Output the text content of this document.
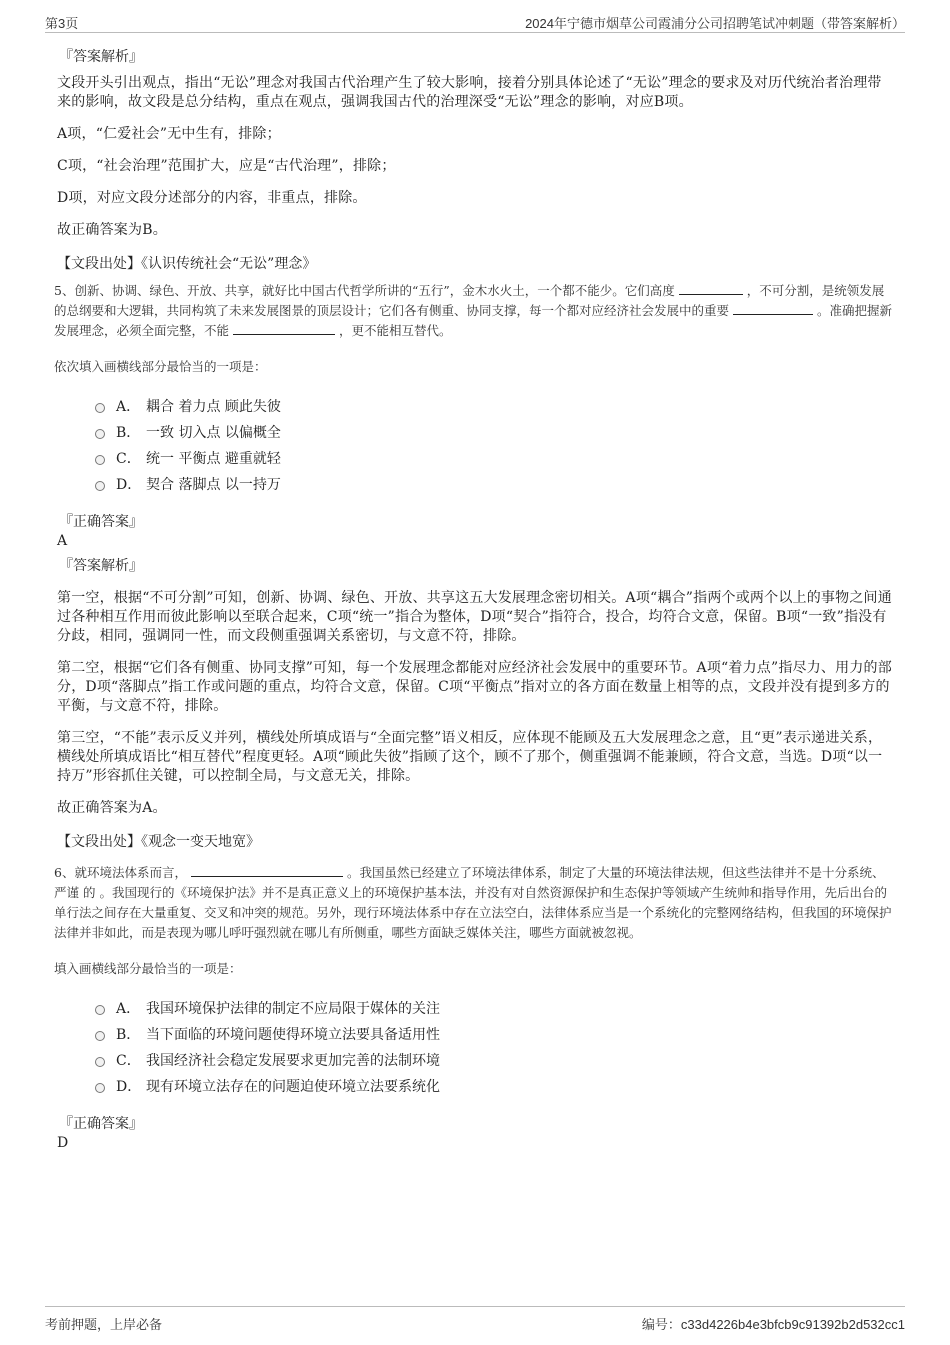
第3页	2024年宁德市烟草公司霞浦分公司招聘笔试冲刺题（带答案解析）
『答案解析』

文段开头引出观点，指出“无讼”理念对我国古代治理产生了较大影响，接着分别具体论述了“无讼”理念的要求及对历代统治者治理带来的影响，故文段是总分结构，重点在观点，强调我国古代的治理深受“无讼”理念的影响，对应B项。

A项，“仁爱社会”无中生有，排除；

C项，“社会治理”范围扩大，应是“古代治理”，排除；

D项，对应文段分述部分的内容，非重点，排除。

故正确答案为B。

【文段出处】《认识传统社会“无讼”理念》
5、创新、协调、绿色、开放、共享，就好比中国古代哲学所讲的“五行”，金木水火土，一个都不能少。它们高度	，不可分割，是统领发展的总纲要和大逻辑，共同构筑了未来发展图景的顶层设计；它们各有侧重、协同支撑，每一个都对应经济社会发展中的重要	。准确把握新发展理念，必须全面完整，不能	，更不能相互替代。
依次填入画横线部分最恰当的一项是：
A． 耦合 着力点 顾此失彼
B． 一致 切入点 以偏概全
C． 统一 平衡点 避重就轻
D． 契合 落脚点 以一持万
『正确答案』
A
『答案解析』

第一空，根据“不可分割”可知，创新、协调、绿色、开放、共享这五大发展理念密切相关。A项“耦合”指两个或两个以上的事物之间通过各种相互作用而彼此影响以至联合起来，C项“统一”指合为整体，D项“契合”指符合，投合，均符合文意，保留。B项“一致”指没有分歧，相同，强调同一性，而文段侧重强调关系密切，与文意不符，排除。

第二空，根据“它们各有侧重、协同支撑”可知，每一个发展理念都能对应经济社会发展中的重要环节。A项“着力点”指尽力、用力的部分，D项“落脚点”指工作或问题的重点，均符合文意，保留。C项“平衡点”指对立的各方面在数量上相等的点，文段并没有提到多方的平衡，与文意不符，排除。

第三空，“不能”表示反义并列，横线处所填成语与“全面完整”语义相反，应体现不能顾及五大发展理念之意，且“更”表示递进关系，横线处所填成语比“相互替代”程度更轻。A项“顾此失彼”指顾了这个，顾不了那个，侧重强调不能兼顾，符合文意，当选。D项“以一持万”形容抓住关键，可以控制全局，与文意无关，排除。

故正确答案为A。

【文段出处】《观念一变天地宽》
6、就环境法体系而言，	。我国虽然已经建立了环境法律体系，制定了大量的环境法律法规，但这些法律并不是十分系统、严谨 的 。我国现行的《环境保护法》并不是真正意义上的环境保护基本法，并没有对自然资源保护和生态保护等领域产生统帅和指导作用，先后出台的单行法之间存在大量重复、交叉和冲突的规范。另外，现行环境法体系中存在立法空白，法律体系应当是一个系统化的完整网络结构，但我国的环境保护法律并非如此，而是表现为哪儿呼吁强烈就在哪儿有所侧重，哪些方面缺乏媒体关注，哪些方面就被忽视。
填入画横线部分最恰当的一项是：
A． 我国环境保护法律的制定不应局限于媒体的关注
B． 当下面临的环境问题使得环境立法要具备适用性
C． 我国经济社会稳定发展要求更加完善的法制环境
D． 现有环境立法存在的问题迫使环境立法要系统化
『正确答案』
D
考前押题，上岸必备	编号：c33d4226b4e3bfcb9c91392b2d532cc1
